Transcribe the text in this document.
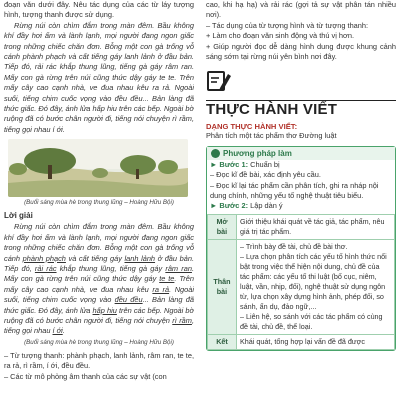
đoạn văn dưới đây. Nêu tác dụng của các từ láy tượng hình, tượng thanh được sử dụng.

Rừng núi còn chìm đắm trong màn đêm. Bầu không khí đầy hơi ẩm và lành lạnh, mọi người đang ngon giấc trong những chiếc chăn đơn. Bỗng một con gà trống vỗ cánh phành phạch và cất tiếng gáy lanh lảnh ở đầu bản. Tiếp đó, rải rác khắp thung lũng, tiếng gà gáy râm ran. Mấy con gà rừng trên núi cũng thức dậy gáy te te. Trên mấy cây cao cạnh nhà, ve đua nhau kêu ra rả. Ngoài suối, tiếng chim cuốc vọng vào đều đều... Bản làng đã thức giấc. Đó đây, ánh lửa hấp hiu trên các bếp. Ngoài bờ ruộng đã có bước chân người đi, tiếng nói chuyện rì rầm, tiếng gọi nhau í ới.

(Buổi sáng mùa hè trong thung lũng – Hoàng Hữu Bội)

Lời giải

Rừng núi còn chìm đắm trong màn đêm. Bầu không khí đầy hơi ẩm và lành lạnh, mọi người đang ngon giấc trong những chiếc chăn đơn. Bỗng một con gà trống vỗ cánh phành phạch và cất tiếng gáy lanh lảnh ở đầu bản. Tiếp đó, rải rác khắp thung lũng, tiếng gà gáy râm ran. Mấy con gà rừng trên núi cũng thức dậy gáy te te. Trên mấy cây cao cạnh nhà, ve đua nhau kêu ra rả. Ngoài suối, tiếng chim cuốc vọng vào đều đều... Bản làng đã thức giấc. Đó đây, ánh lửa hấp hiu trên các bếp. Ngoài bờ ruộng đã có bước chân người đi, tiếng nói chuyện rì rầm, tiếng gọi nhau í ới.

(Buổi sáng mùa hè trong thung lũng – Hoàng Hữu Bội)

– Từ tượng thanh: phành phạch, lanh lảnh, râm ran, te te, ra rả, rì rầm, í ới, đều đều.

– Các từ mô phỏng âm thanh của các sự vật (con

cao, khi hạ hạ) và rải rác (gợi tả sự vật phân tán nhiều nơi).

– Tác dụng của từ tượng hình và từ tượng thanh:

+ Làm cho đoạn văn sinh động và thú vị hơn.

+ Giúp người đọc dễ dàng hình dung được khung cảnh sáng sớm tại rừng núi yên bình nơi đây.

THỰC HÀNH VIẾT

DẠNG THỰC HÀNH VIẾT:

Phân tích một tác phẩm thơ Đường luật

Phương pháp làm

► Bước 1: Chuẩn bị

– Đọc kĩ đề bài, xác định yêu cầu.

– Đọc kĩ lại tác phẩm cần phân tích, ghi ra nháp nội dung chính, những yếu tố nghệ thuật tiêu biểu.

► Bước 2: Lập dàn ý

Mở bài	Giới thiệu khái quát về tác giả, tác phẩm, nêu giá trị tác phẩm.
Thân bài	– Trình bày đề tài, chủ đề bài thơ.
– Lựa chọn phân tích các yếu tố hình thức nổi bật trong việc thể hiện nội dung, chủ đề của tác phẩm: các yếu tố thi luật (bố cục, niêm, luật, vần, nhịp, đối), nghệ thuật sử dụng ngôn từ, lựa chọn xây dựng hình ảnh, phép đối, so sánh, ẩn dụ, đảo ngữ,...
– Liên hệ, so sánh với các tác phẩm có cùng đề tài, chủ đề, thể loại.
Kết	Khái quát, tổng hợp lại vấn đề đã được
